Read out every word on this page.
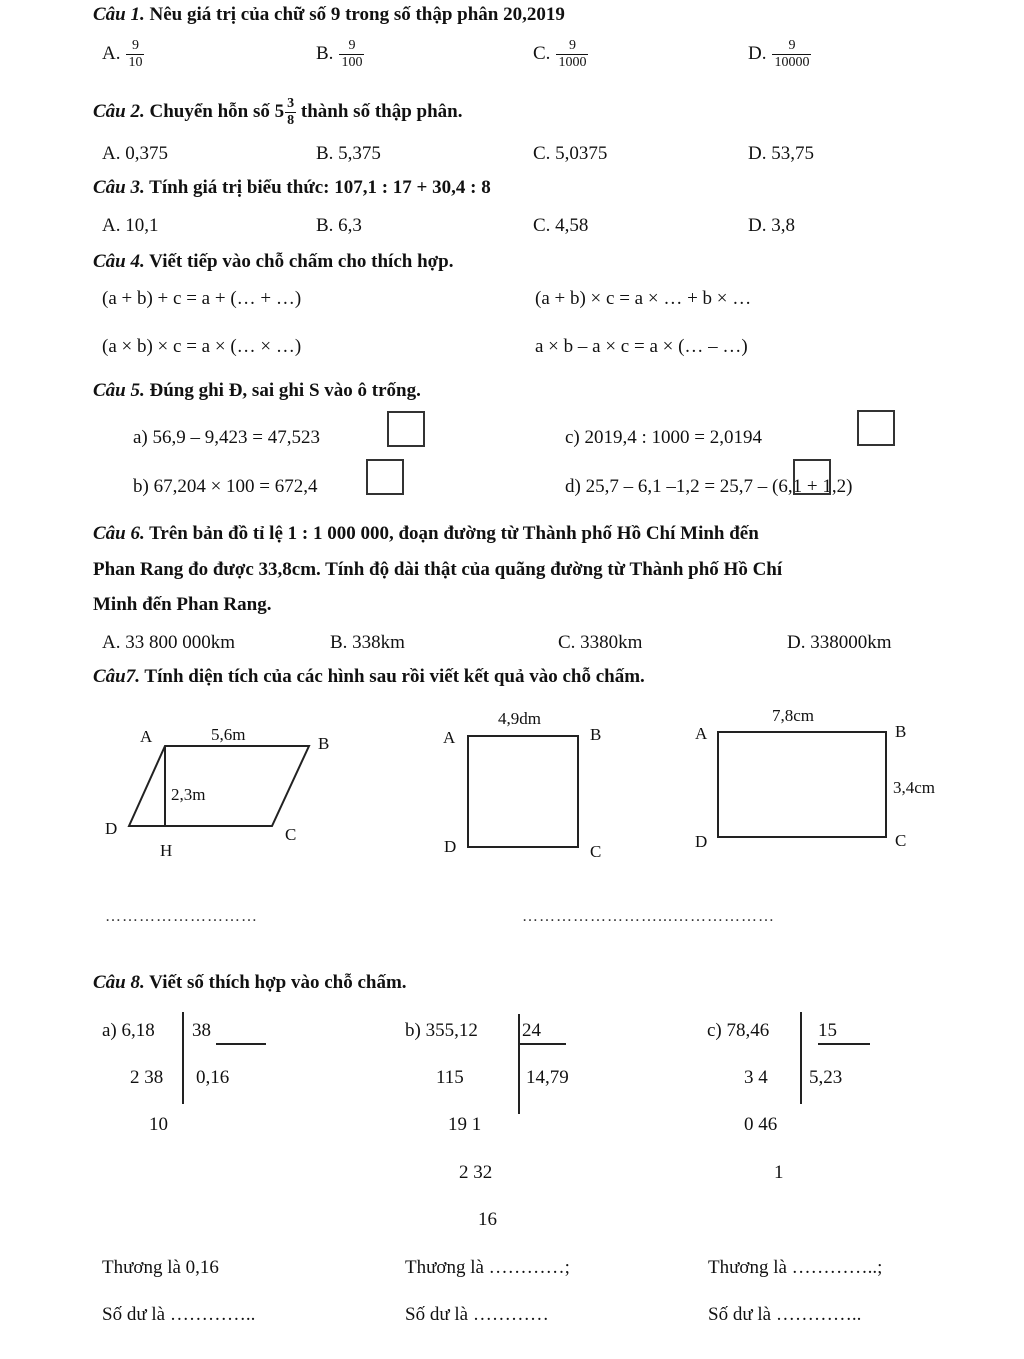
Câu 1. Nêu giá trị của chữ số 9 trong số thập phân 20,2019
A. $\frac{9}{10}$	B. $\frac{9}{100}$	C. $\frac{9}{1000}$	D. $\frac{9}{10000}$
Câu 2. Chuyển hỗn số $5 \frac{3}{8}$ thành số thập phân.
A. 0,375	B. 5,375	C. 5,0375	D. 53,75
Câu 3. Tính giá trị biểu thức: 107,1 : 17 + 30,4 : 8
A. 10,1	B. 6,3	C. 4,58	D. 3,8
Câu 4. Viết tiếp vào chỗ chấm cho thích hợp.
(a + b) + c = a + (… + …)	(a + b) × c = a × … + b × …
(a × b) × c = a × (… × …)	a × b – a × c = a × (… – …)
Câu 5. Đúng ghi Đ, sai ghi S vào ô trống.
a) 56,9 – 9,423 = 47,523	c) 2019,4 : 1000 = 2,0194
b) 67,204 × 100 = 672,4	d) 25,7 – 6,1 –1,2 = 25,7 – (6,1 + 1,2)
Câu 6. Trên bản đồ tỉ lệ 1 : 1 000 000, đoạn đường từ Thành phố Hồ Chí Minh đến
Phan Rang đo được 33,8cm. Tính độ dài thật của quãng đường từ Thành phố Hồ Chí
Minh đến Phan Rang.
A. 33 800 000km	B. 338km	C. 3380km	D. 338000km
Câu7. Tính diện tích của các hình sau rồi viết kết quả vào chỗ chấm.
A	B
C
D
H
5,6m
2,3m
A	B
C
D
4,9dm
A	B
C
D
7,8cm
3,4cm
………………………	……………………...………………
Câu 8. Viết số thích hợp vào chỗ chấm.
a) 6,18 38
2 38 0,16
10
b) 355,12 24
115	14,79
19 1
2 32
16
c) 78,46	15
3 4 5,23
0 46
1
Thương là 0,16	Thương là …………;	Thương là …………..;
Số dư là …………..	Số dư là …………	Số dư là …………..
